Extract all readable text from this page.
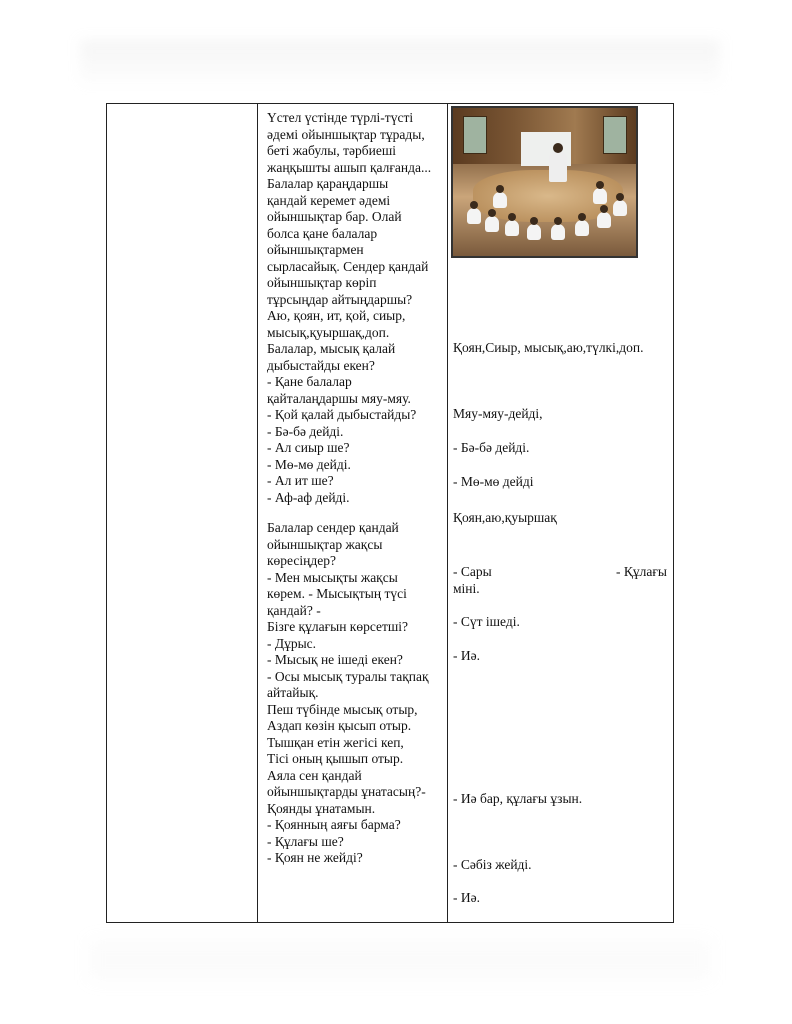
Үстел үстінде түрлі-түсті
әдемі ойыншықтар тұрады,
беті жабулы, тәрбиеші
жаңқышты ашып қалғанда...
Балалар қараңдаршы
қандай керемет әдемі
ойыншықтар бар. Олай
болса қане балалар
ойыншықтармен
сырласайық. Сендер қандай
ойыншықтар көріп
тұрсыңдар айтыңдаршы?
Аю, қоян, ит, қой, сиыр,
мысық,қуыршақ,доп.
Балалар, мысық қалай
дыбыстайды екен?
- Қане балалар
қайталаңдаршы мяу-мяу.
- Қой қалай дыбыстайды?
- Бә-бә дейді.
- Ал сиыр ше?
- Мө-мө дейді.
- Ал ит ше?
- Аф-аф дейді.
Балалар сендер қандай
ойыншықтар жақсы
көресіңдер?
- Мен мысықты жақсы
көрем. - Мысықтың түсі
қандай? -
Бізге құлағын көрсетші?
- Дұрыс.
- Мысық не ішеді екен?
- Осы мысық туралы тақпақ
айтайық.
Пеш түбінде мысық отыр,
Аздап көзін қысып отыр.
Тышқан етін жегісі кеп,
Тісі оның қышып отыр.
Аяла сен қандай
ойыншықтарды ұнатасың?-
Қоянды ұнатамын.
- Қоянның аяғы барма?
- Құлағы ше?
- Қоян не жейді?
Қоян,Сиыр, мысық,аю,түлкі,доп.
Мяу-мяу-дейді,
- Бә-бә дейді.
- Мө-мө дейді
Қоян,аю,қуыршақ
- Сары	- Құлағы
міні.
- Сүт ішеді.
- Иә.
- Иә бар, құлағы ұзын.
- Сәбіз жейді.
- Иә.
